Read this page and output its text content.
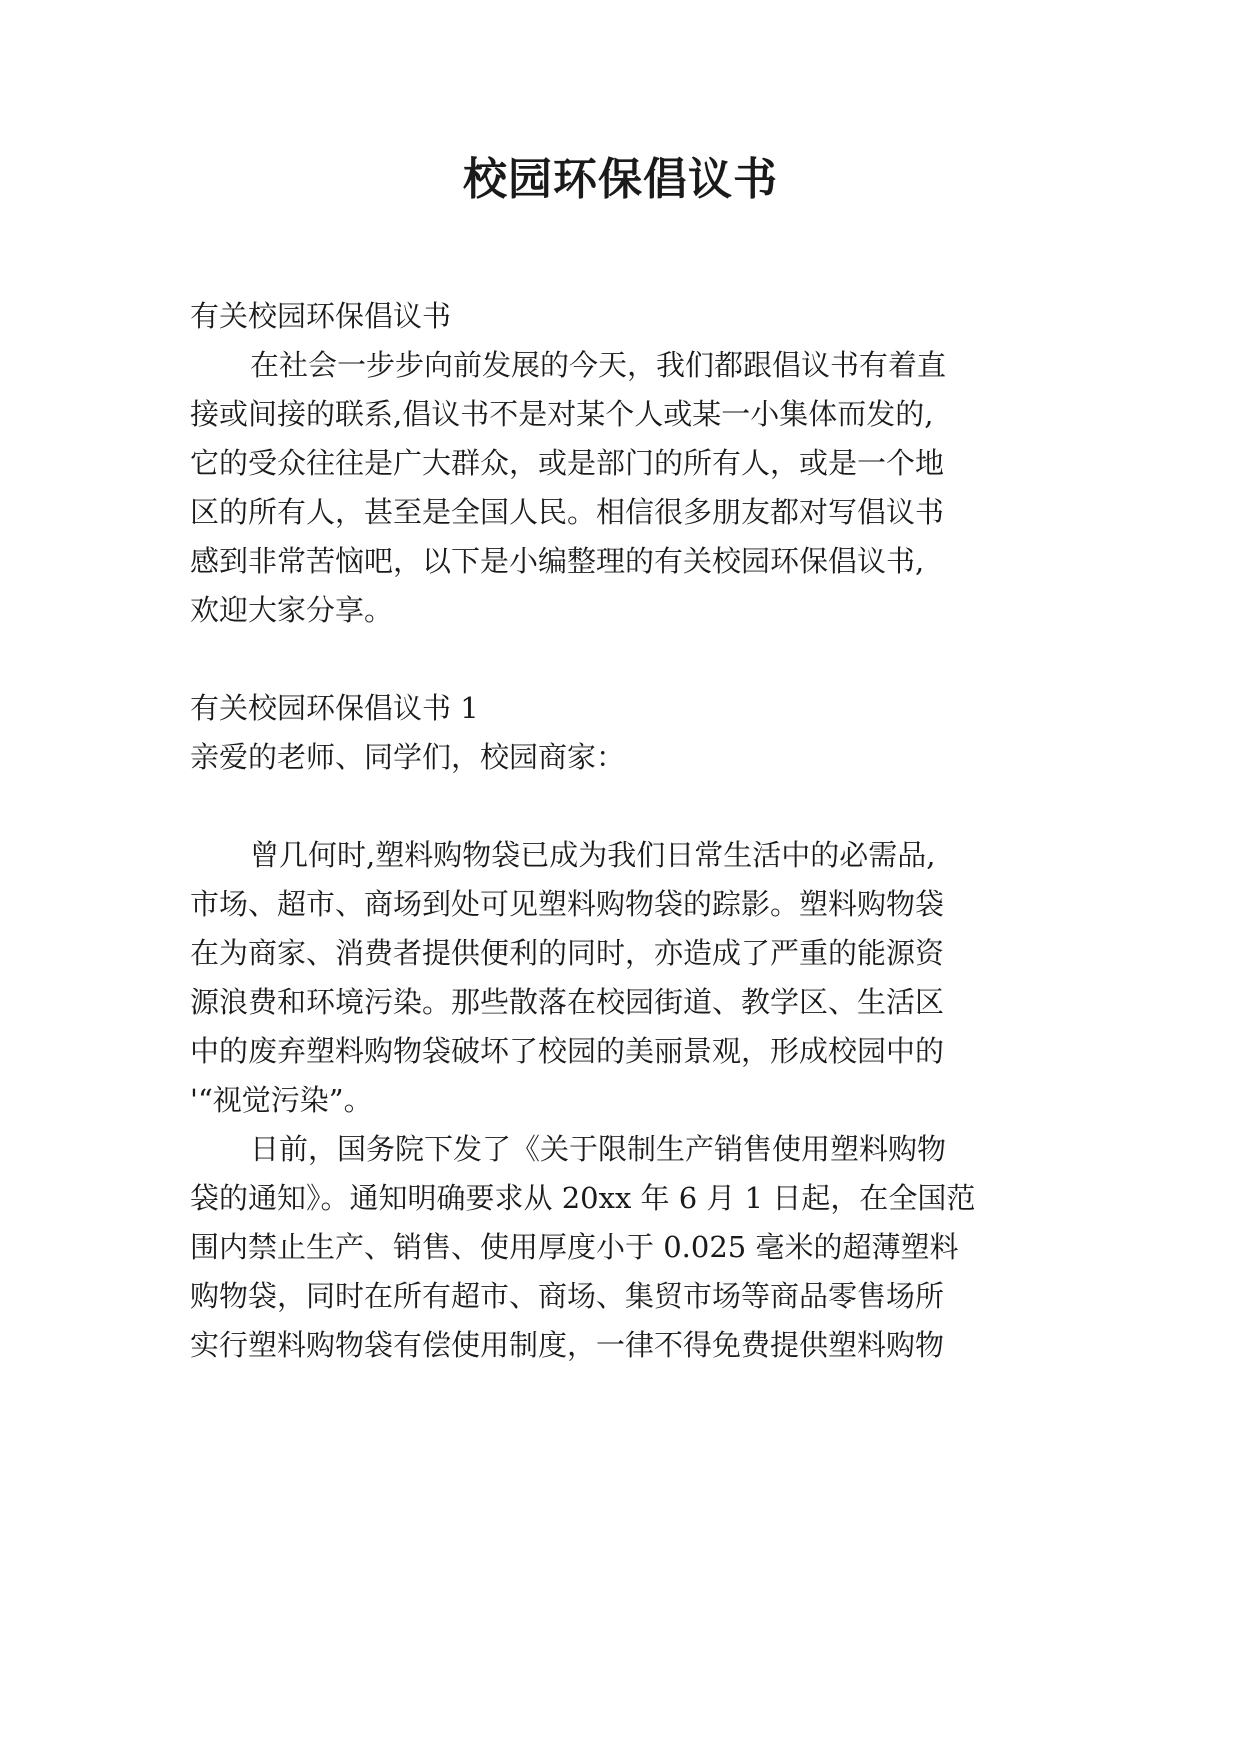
校园环保倡议书
有关校园环保倡议书
在社会一步步向前发展的今天，我们都跟倡议书有着直
接或间接的联系,倡议书不是对某个人或某一小集体而发的,
它的受众往往是广大群众，或是部门的所有人，或是一个地
区的所有人，甚至是全国人民。相信很多朋友都对写倡议书
感到非常苦恼吧，以下是小编整理的有关校园环保倡议书,
欢迎大家分享。
有关校园环保倡议书 1
亲爱的老师、同学们，校园商家：
曾几何时,塑料购物袋已成为我们日常生活中的必需品,
市场、超市、商场到处可见塑料购物袋的踪影。塑料购物袋
在为商家、消费者提供便利的同时，亦造成了严重的能源资
源浪费和环境污染。那些散落在校园街道、教学区、生活区
中的废弃塑料购物袋破坏了校园的美丽景观，形成校园中的
'“视觉污染”。
日前，国务院下发了《关于限制生产销售使用塑料购物
袋的通知》。通知明确要求从 20xx 年 6 月 1 日起，在全国范
围内禁止生产、销售、使用厚度小于 0.025 毫米的超薄塑料
购物袋，同时在所有超市、商场、集贸市场等商品零售场所
实行塑料购物袋有偿使用制度，一律不得免费提供塑料购物
